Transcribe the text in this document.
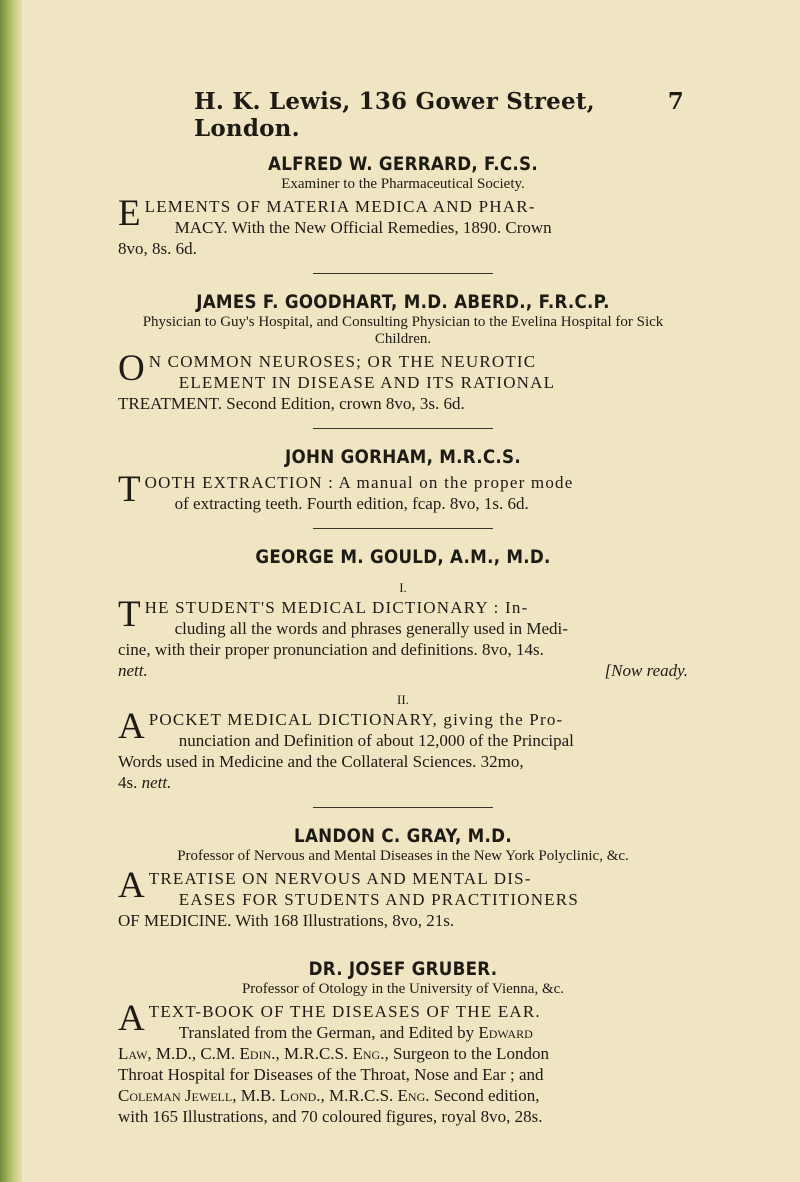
H. K. Lewis, 136 Gower Street, London.
7
ALFRED W. GERRARD, F.C.S.
Examiner to the Pharmaceutical Society.
E LEMENTS OF MATERIA MEDICA AND PHAR-
MACY. With the New Official Remedies, 1890. Crown
8vo, 8s. 6d.
JAMES F. GOODHART, M.D. ABERD., F.R.C.P.
Physician to Guy's Hospital, and Consulting Physician to the Evelina Hospital for Sick Children.
O N COMMON NEUROSES; OR THE NEUROTIC
ELEMENT IN DISEASE AND ITS RATIONAL
TREATMENT. Second Edition, crown 8vo, 3s. 6d.
JOHN GORHAM, M.R.C.S.
T OOTH EXTRACTION : A manual on the proper mode
of extracting teeth. Fourth edition, fcap. 8vo, 1s. 6d.
GEORGE M. GOULD, A.M., M.D.
I.
T HE STUDENT'S MEDICAL DICTIONARY : In-
cluding all the words and phrases generally used in Medi-
cine, with their proper pronunciation and definitions. 8vo, 14s.
nett.	[Now ready.
II.
A POCKET MEDICAL DICTIONARY, giving the Pro-
nunciation and Definition of about 12,000 of the Principal
Words used in Medicine and the Collateral Sciences. 32mo,
4s. nett.
LANDON C. GRAY, M.D.
Professor of Nervous and Mental Diseases in the New York Polyclinic, &c.
A TREATISE ON NERVOUS AND MENTAL DIS-
EASES FOR STUDENTS AND PRACTITIONERS
OF MEDICINE. With 168 Illustrations, 8vo, 21s.
DR. JOSEF GRUBER.
Professor of Otology in the University of Vienna, &c.
A TEXT-BOOK OF THE DISEASES OF THE EAR.
Translated from the German, and Edited by Edward
Law, M.D., C.M. Edin., M.R.C.S. Eng., Surgeon to the London
Throat Hospital for Diseases of the Throat, Nose and Ear ; and
Coleman Jewell, M.B. Lond., M.R.C.S. Eng. Second edition,
with 165 Illustrations, and 70 coloured figures, royal 8vo, 28s.
